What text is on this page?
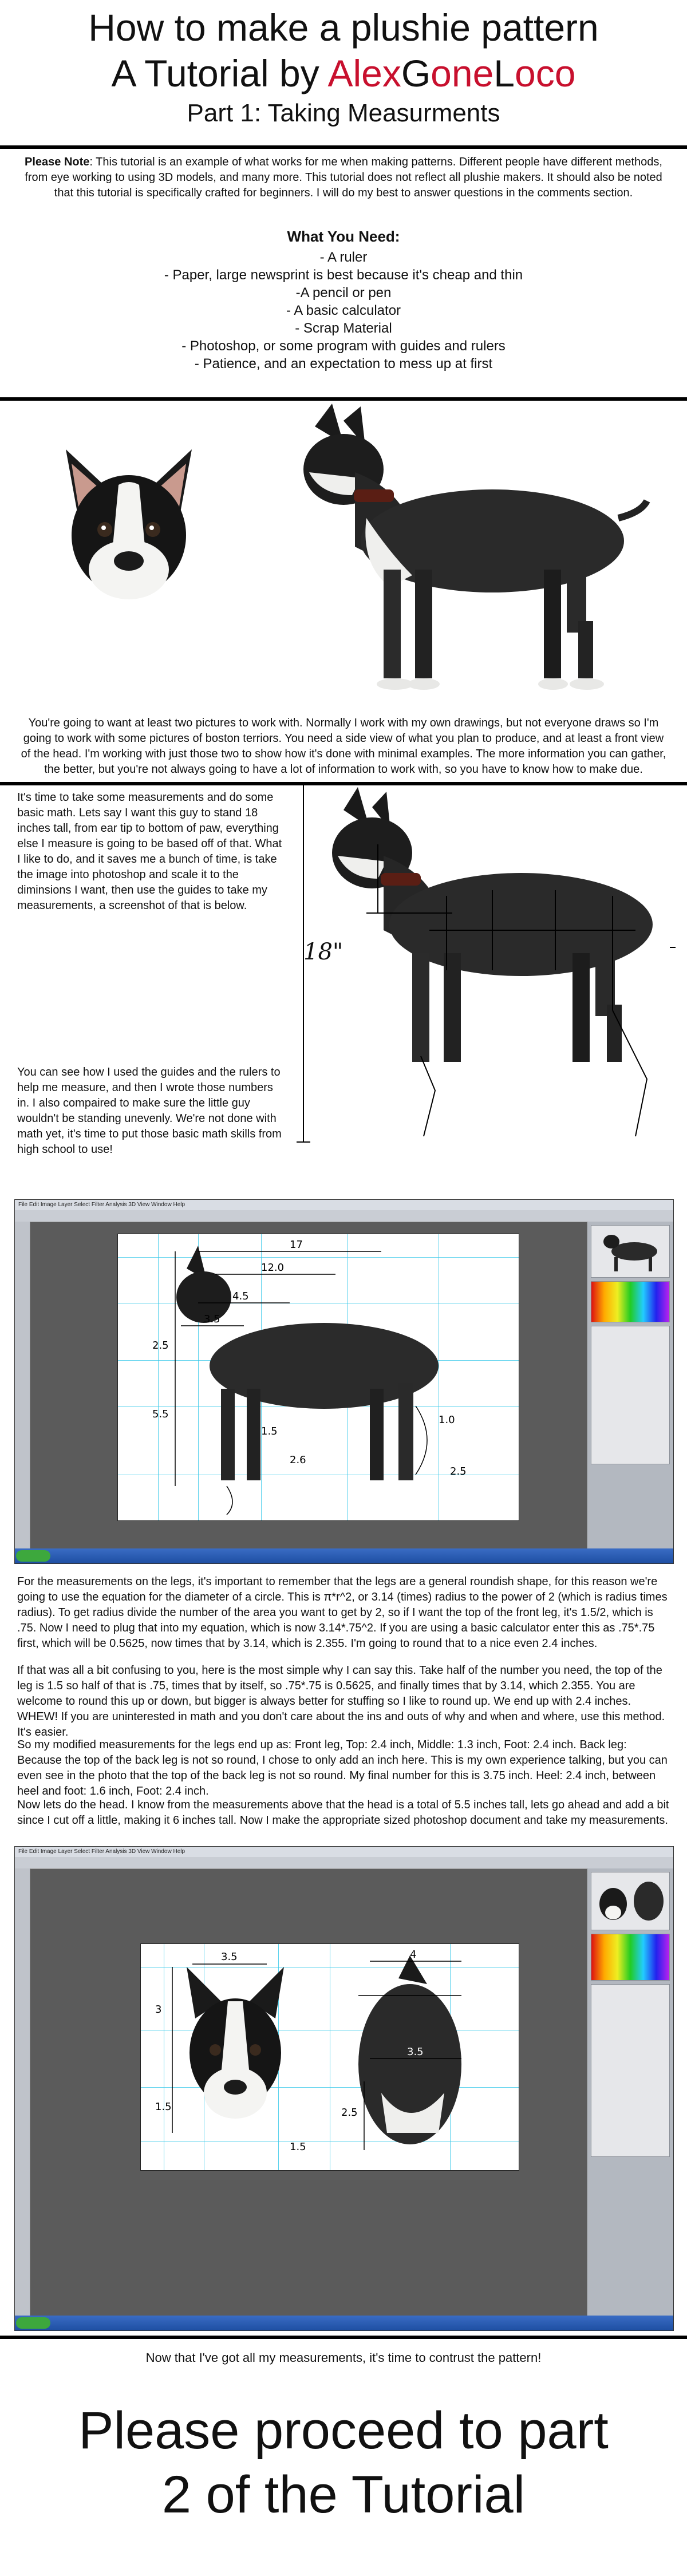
How to make a plushie pattern
A Tutorial by AlexGoneLoco
Part 1: Taking Measurments
Please Note: This tutorial is an example of what works for me when making patterns. Different people have different methods, from eye working to using 3D models, and many more. This tutorial does not reflect all plushie makers. It should also be noted that this tutorial is specifically crafted for beginners. I will do my best to answer questions in the comments section.
What You Need:
- A ruler
- Paper, large newsprint is best because it's cheap and thin
-A pencil or pen
- A basic calculator
- Scrap Material
- Photoshop, or some program with guides and rulers
- Patience, and an expectation to mess up at first
You're going to want at least two pictures to work with. Normally I work with my own drawings, but not everyone draws so I'm going to work with some pictures of boston terriors. You need a side view of what you plan to produce, and at least a front view of the head. I'm working with just those two to show how it's done with minimal examples. The more information you can gather, the better, but you're not always going to have a lot of information to work with, so you have to know how to make due.
It's time to take some measurements and do some basic math. Lets say I want this guy to stand 18 inches tall, from ear tip to bottom of paw, everything else I measure is going to be based off of that. What I like to do, and it saves me a bunch of time, is take the image into photoshop and scale it to the diminsions I want, then use the guides to take my measurements, a screenshot of that is below.
You can see how I used the guides and the rulers to help me measure, and then I wrote those numbers in. I also compaired to make sure the little guy wouldn't be standing unevenly. We're not done with math yet, it's time to put those basic math skills from high school to use!
18"
File Edit Image Layer Select Filter Analysis 3D View Window Help
17
12.0
4.5
3.5
2.5
5.5
1.5
2.6
1.0
2.5
For the measurements on the legs, it's important to remember that the legs are a general roundish shape, for this reason we're going to use the equation for the diameter of a circle. This is π*r^2, or 3.14 (times) radius to the power of 2 (which is radius times radius). To get radius divide the number of the area you want to get by 2, so if I want the top of the front leg, it's 1.5/2, which is .75. Now I need to plug that into my equation, which is now 3.14*.75^2. If you are using a basic calculator enter this as .75*.75 first, which will be 0.5625, now times that by 3.14, which is 2.355. I'm going to round that to a nice even 2.4 inches.
If that was all a bit confusing to you, here is the most simple why I can say this. Take half of the number you need, the top of the leg is 1.5 so half of that is .75, times that by itself, so .75*.75 is 0.5625, and finally times that by 3.14, which 2.355. You are welcome to round this up or down, but bigger is always better for stuffing so I like to round up. We end up with 2.4 inches. WHEW! If you are uninterested in math and you don't care about the ins and outs of why and when and where, use this method. It's easier.
So my modified measurements for the legs end up as: Front leg, Top: 2.4 inch, Middle: 1.3 inch, Foot: 2.4 inch. Back leg: Because the top of the back leg is not so round, I chose to only add an inch here. This is my own experience talking, but you can even see in the photo that the top of the back leg is not so round. My final number for this is 3.75 inch. Heel: 2.4 inch, between heel and foot: 1.6 inch, Foot: 2.4 inch.
Now lets do the head. I know from the measurements above that the head is a total of 5.5 inches tall, lets go ahead and add a bit since I cut off a little, making it 6 inches tall. Now I make the appropriate sized photoshop document and take my measurements.
File Edit Image Layer Select Filter Analysis 3D View Window Help
3.5	4
3
1.5
1.5
2.5
3.5
Now that I've got all my measurements, it's time to contrust the pattern!
Please proceed to part
2 of the Tutorial
